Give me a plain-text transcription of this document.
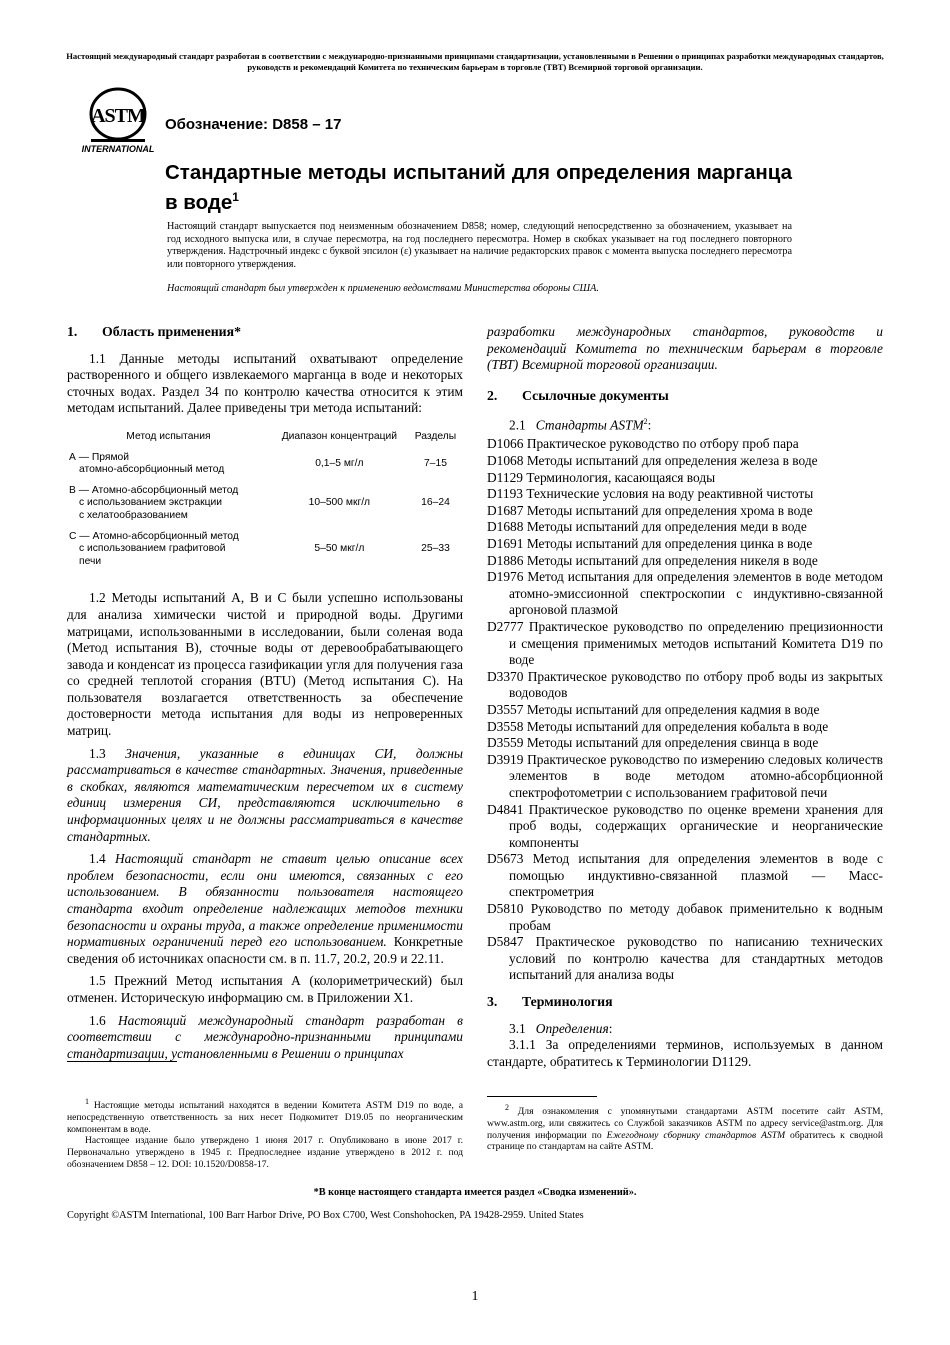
Настоящий международный стандарт разработан в соответствии с международно-признанными принципами стандартизации, установленными в Решении о принципах разработки международных стандартов, руководств и рекомендаций Комитета по техническим барьерам в торговле (ТВТ) Всемирной торговой организации.
ASTM
INTERNATIONAL
Обозначение: D858 – 17
Стандартные методы испытаний для определения марганца в воде$^1$
Настоящий стандарт выпускается под неизменным обозначением D858; номер, следующий непосредственно за обозначением, указывает на год исходного выпуска или, в случае пересмотра, на год последнего пересмотра. Номер в скобках указывает на год последнего повторного утверждения. Надстрочный индекс с буквой эпсилон (ε) указывает на наличие редакторских правок с момента выпуска последнего пересмотра или повторного утверждения.
Настоящий стандарт был утвержден к применению ведомствами Министерства обороны США.
1. Область применения*

1.1 Данные методы испытаний охватывают определение растворенного и общего извлекаемого марганца в воде и некоторых сточных водах. Раздел 34 по контролю качества относится к этим методам испытаний. Далее приведены три метода испытаний:

Метод испытания	Диапазон концентраций	Разделы
А — Прямой
атомно-абсорбционный метод	0,1–5 мг/л	7–15
В — Атомно-абсорбционный метод
с использованием экстракции
с хелатообразованием	10–500 мкг/л	16–24
С — Атомно-абсорбционный метод
с использованием графитовой
печи	5–50 мкг/л	25–33

1.2 Методы испытаний А, В и С были успешно использованы для анализа химически чистой и природной воды. Другими матрицами, использованными в исследовании, были соленая вода (Метод испытания В), сточные воды от деревообрабатывающего завода и конденсат из процесса газификации угля для получения газа со средней теплотой сгорания (BTU) (Метод испытания С). На пользователя возлагается ответственность за обеспечение достоверности метода испытания для воды из непроверенных матриц.

1.3 Значения, указанные в единицах СИ, должны рассматриваться в качестве стандартных. Значения, приведенные в скобках, являются математическим пересчетом их в систему единиц измерения СИ, представляются исключительно в информационных целях и не должны рассматриваться в качестве стандартных.

1.4 Настоящий стандарт не ставит целью описание всех проблем безопасности, если они имеются, связанных с его использованием. В обязанности пользователя настоящего стандарта входит определение надлежащих методов техники безопасности и охраны труда, а также определение применимости нормативных ограничений перед его использованием. Конкретные сведения об источниках опасности см. в п. 11.7, 20.2, 20.9 и 22.11.

1.5 Прежний Метод испытания А (колориметрический) был отменен. Историческую информацию см. в Приложении X1.

1.6 Настоящий международный стандарт разработан в соответствии с международно-признанными принципами стандартизации, установленными в Решении о принципах

разработки международных стандартов, руководств и рекомендаций Комитета по техническим барьерам в торговле (ТВТ) Всемирной торговой организации.

2. Ссылочные документы

2.1 Стандарты ASTM$^2$:

D1066 Практическое руководство по отбору проб пара
D1068 Методы испытаний для определения железа в воде
D1129 Терминология, касающаяся воды
D1193 Технические условия на воду реактивной чистоты
D1687 Методы испытаний для определения хрома в воде
D1688 Методы испытаний для определения меди в воде
D1691 Методы испытаний для определения цинка в воде
D1886 Методы испытаний для определения никеля в воде
D1976 Метод испытания для определения элементов в воде методом атомно-эмиссионной спектроскопии с индуктивно-связанной аргоновой плазмой
D2777 Практическое руководство по определению прецизионности и смещения применимых методов испытаний Комитета D19 по воде
D3370 Практическое руководство по отбору проб воды из закрытых водоводов
D3557 Методы испытаний для определения кадмия в воде
D3558 Методы испытаний для определения кобальта в воде
D3559 Методы испытаний для определения свинца в воде
D3919 Практическое руководство по измерению следовых количеств элементов в воде методом атомно-абсорбционной спектрофотометрии с использованием графитовой печи
D4841 Практическое руководство по оценке времени хранения для проб воды, содержащих органические и неорганические компоненты
D5673 Метод испытания для определения элементов в воде с помощью индуктивно-связанной плазмой — Масс-спектрометрия
D5810 Руководство по методу добавок применительно к водным пробам
D5847 Практическое руководство по написанию технических условий по контролю качества для стандартных методов испытаний для анализа воды
3. Терминология

3.1 Определения:

3.1.1 За определениями терминов, используемых в данном стандарте, обратитесь к Терминологии D1129.

$^1$ Настоящие методы испытаний находятся в ведении Комитета ASTM D19 по воде, а непосредственную ответственность за них несет Подкомитет D19.05 по неорганическим компонентам в воде.

Настоящее издание было утверждено 1 июня 2017 г. Опубликовано в июне 2017 г. Первоначально утверждено в 1945 г. Предпоследнее издание утверждено в 2012 г. под обозначением D858 – 12. DOI: 10.1520/D0858-17.

$^2$ Для ознакомления с упомянутыми стандартами ASTM посетите сайт ASTM, www.astm.org, или свяжитесь со Службой заказчиков ASTM по адресу service@astm.org. Для получения информации по Ежегодному сборнику стандартов ASTM обратитесь к сводной странице по стандартам на сайте ASTM.

*В конце настоящего стандарта имеется раздел «Сводка изменений».
Copyright ©ASTM International, 100 Barr Harbor Drive, PO Box C700, West Conshohocken, PA 19428-2959. United States
1
